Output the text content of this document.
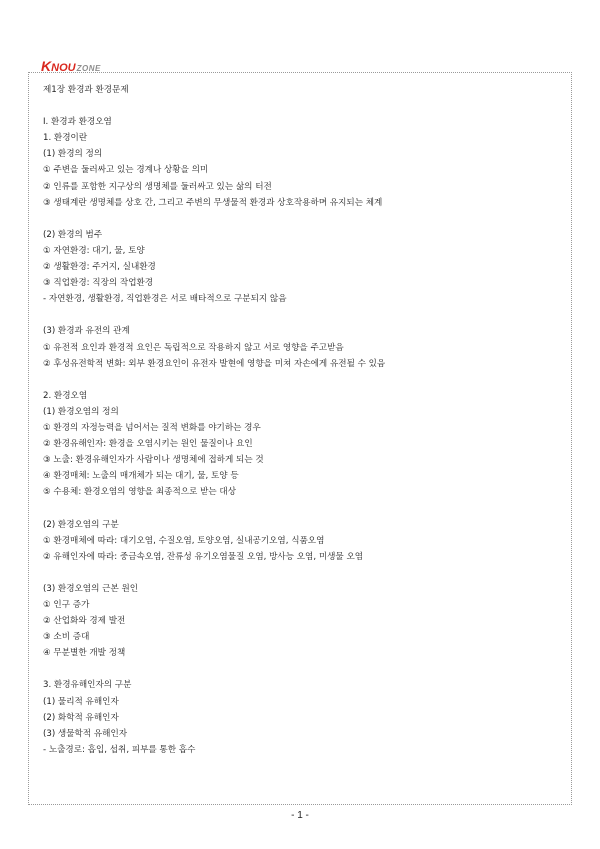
K NOU ZONE
제1장 환경과 환경문제
Ⅰ. 환경과 환경오염
1. 환경이란
(1) 환경의 정의
① 주변을 둘러싸고 있는 경계나 상황을 의미
② 인류를 포함한 지구상의 생명체를 둘러싸고 있는 삶의 터전
③ 생태계란 생명체를 상호 간, 그리고 주변의 무생물적 환경과 상호작용하며 유지되는 체계
(2) 환경의 범주
① 자연환경: 대기, 물, 토양
② 생활환경: 주거지, 실내환경
③ 직업환경: 직장의 작업환경
- 자연환경, 생활환경, 직업환경은 서로 배타적으로 구분되지 않음
(3) 환경과 유전의 관계
① 유전적 요인과 환경적 요인은 독립적으로 작용하지 않고 서로 영향을 주고받음
② 후성유전학적 변화: 외부 환경요인이 유전자 발현에 영향을 미쳐 자손에게 유전될 수 있음
2. 환경오염
(1) 환경오염의 정의
① 환경의 자정능력을 넘어서는 질적 변화를 야기하는 경우
② 환경유해인자: 환경을 오염시키는 원인 물질이나 요인
③ 노출: 환경유해인자가 사람이나 생명체에 접하게 되는 것
④ 환경매체: 노출의 매개체가 되는 대기, 물, 토양 등
⑤ 수용체: 환경오염의 영향을 최종적으로 받는 대상
(2) 환경오염의 구분
① 환경매체에 따라: 대기오염, 수질오염, 토양오염, 실내공기오염, 식품오염
② 유해인자에 따라: 중금속오염, 잔류성 유기오염물질 오염, 방사능 오염, 미생물 오염
(3) 환경오염의 근본 원인
① 인구 증가
② 산업화와 경제 발전
③ 소비 증대
④ 무분별한 개발 정책
3. 환경유해인자의 구분
(1) 물리적 유해인자
(2) 화학적 유해인자
(3) 생물학적 유해인자
- 노출경로: 흡입, 섭취, 피부를 통한 흡수
- 1 -
